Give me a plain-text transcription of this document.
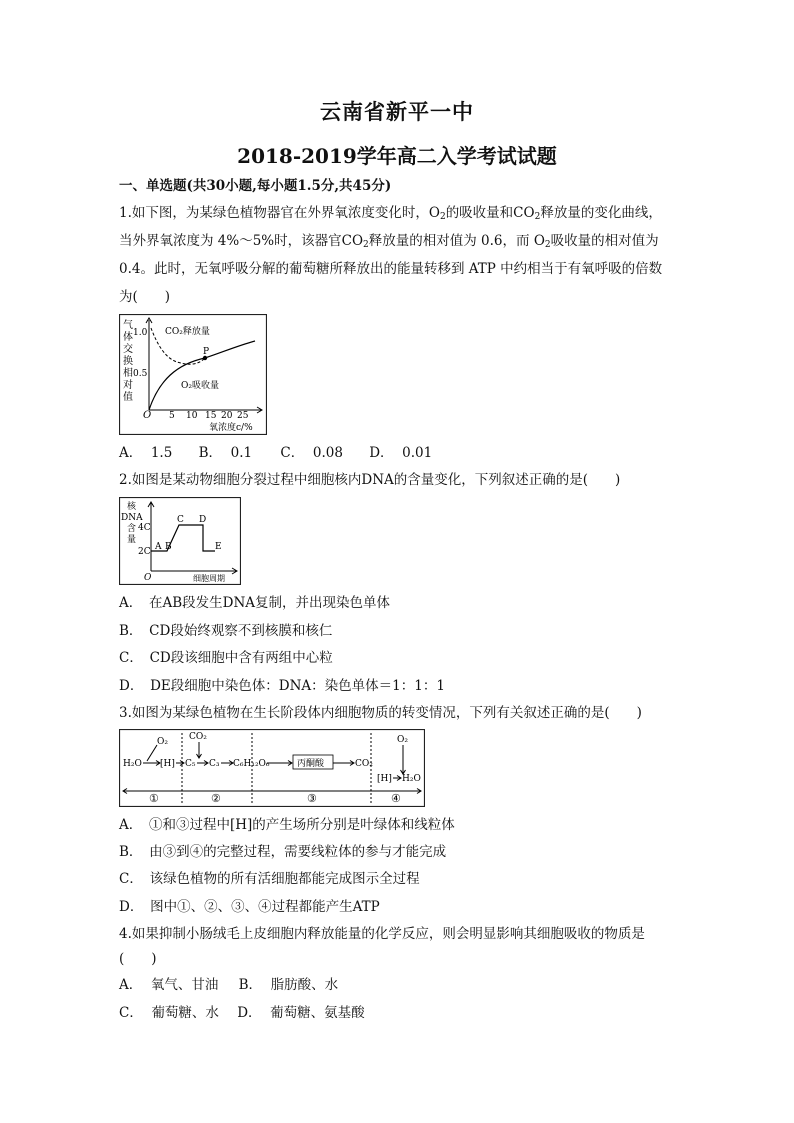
云南省新平一中
2018-2019学年高二入学考试试题
一、单选题(共30小题,每小题1.5分,共45分)
1.如下图，为某绿色植物器官在外界氧浓度变化时，$O_2$的吸收量和$CO_2$释放量的变化曲线，
当外界氧浓度为 4%～5%时，该器官$CO_2$释放量的相对值为 0.6，而 $O_2$吸收量的相对值为
0.4。此时，无氧呼吸分解的葡萄糖所释放出的能量转移到 ATP 中约相当于有氧呼吸的倍数
为(　　)
气
体
交
换
相
对
值
1.0
0.5
O 5 10 15 20 25
氧浓度c/%
P
CO₂释放量
O₂吸收量
A． 1.5 B． 0.1 C． 0.08 D． 0.01
2.如图是某动物细胞分裂过程中细胞核内DNA的含量变化，下列叙述正确的是(　　)
核
DNA
含
量
4C
2C
O
A B
C D
E
细胞周期
A．　在AB段发生DNA复制，并出现染色单体
B．　CD段始终观察不到核膜和核仁
C．　CD段该细胞中含有两组中心粒
D．　DE段细胞中染色体：DNA：染色单体＝1：1：1
3.如图为某绿色植物在生长阶段体内细胞物质的转变情况，下列有关叙述正确的是(　　)
H₂O
O₂
[H]
CO₂
C₅ C₃ C₆H₁₂O₆	丙酮酸	CO₂
O₂
[H] H₂O
①	②	③	④
A．　①和③过程中[H]的产生场所分别是叶绿体和线粒体
B．　由③到④的完整过程，需要线粒体的参与才能完成
C．　该绿色植物的所有活细胞都能完成图示全过程
D．　图中①、②、③、④过程都能产生ATP
4.如果抑制小肠绒毛上皮细胞内释放能量的化学反应，则会明显影响其细胞吸收的物质是
(　　)
A． 氧气、甘油 B． 脂肪酸、水
C． 葡萄糖、水 D． 葡萄糖、氨基酸
